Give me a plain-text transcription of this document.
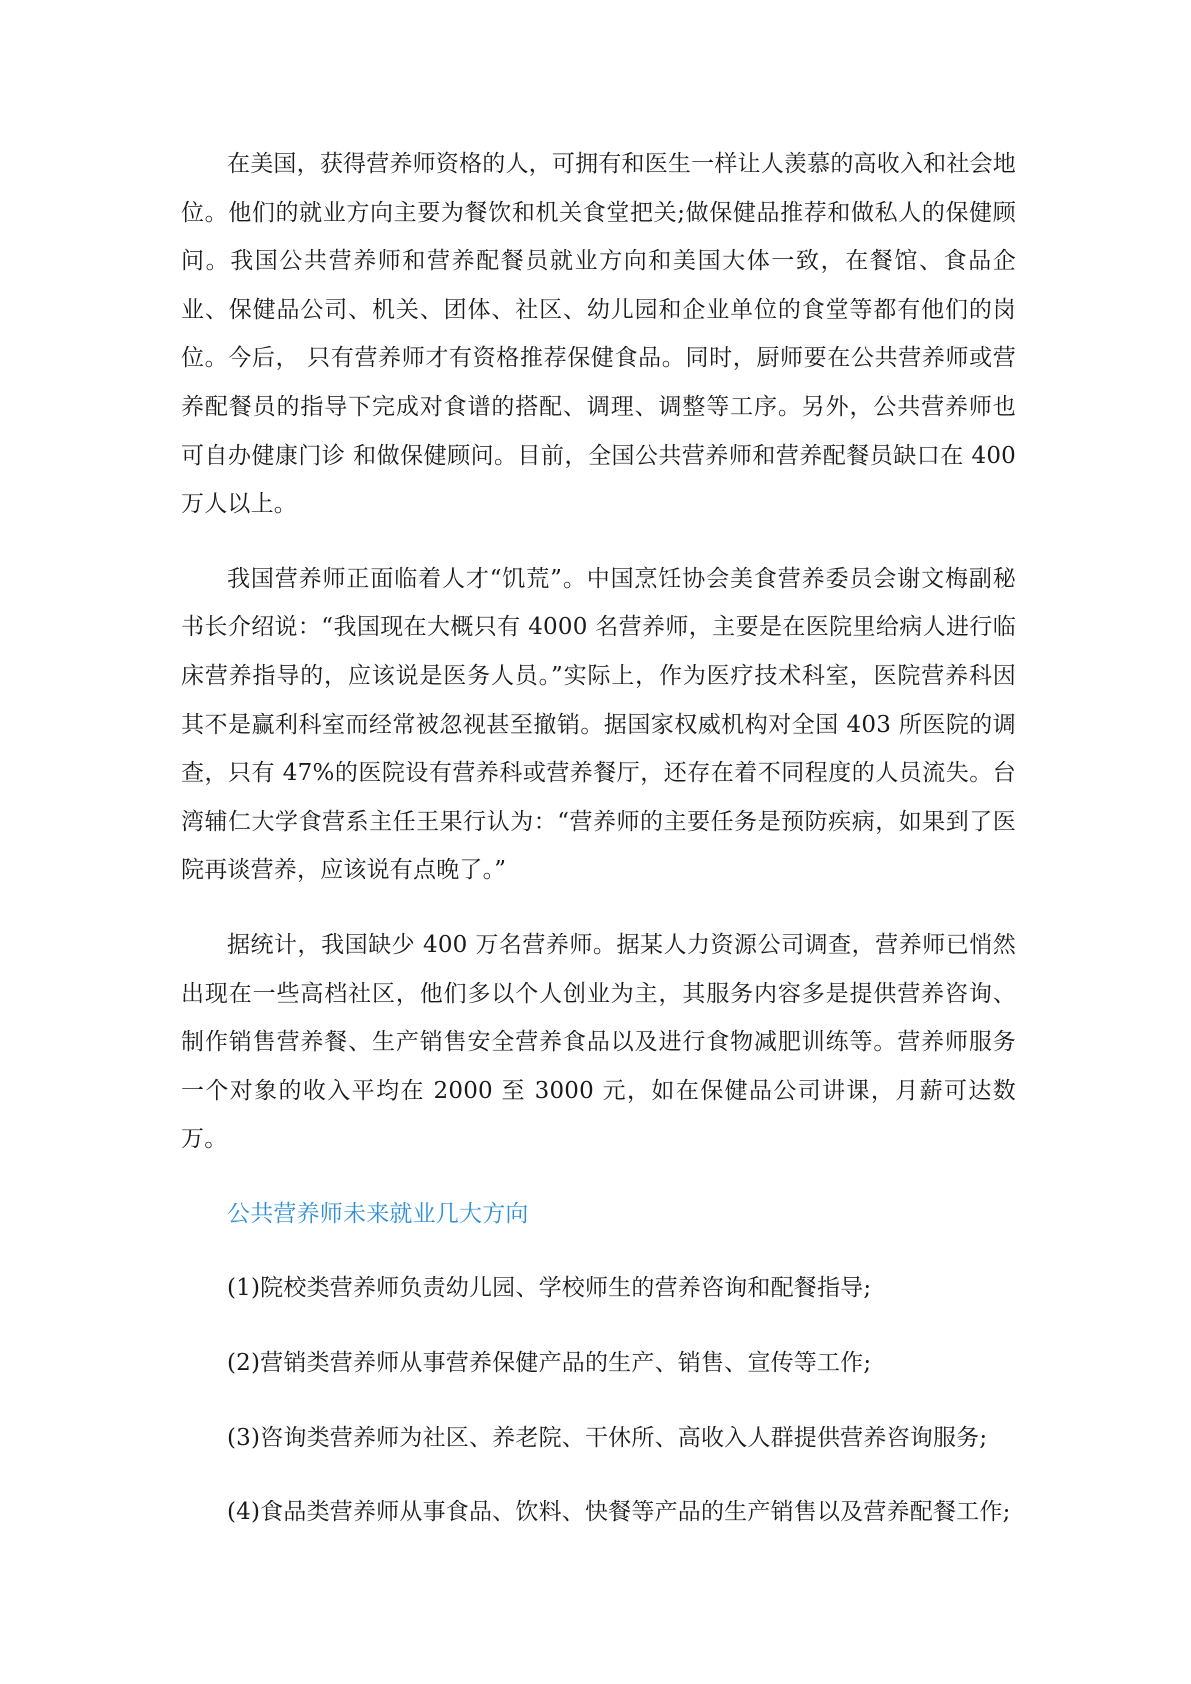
在美国，获得营养师资格的人，可拥有和医生一样让人羡慕的高收入和社会地位。他们的就业方向主要为餐饮和机关食堂把关;做保健品推荐和做私人的保健顾问。我国公共营养师和营养配餐员就业方向和美国大体一致，在餐馆、食品企业、保健品公司、机关、团体、社区、幼儿园和企业单位的食堂等都有他们的岗位。今后， 只有营养师才有资格推荐保健食品。同时，厨师要在公共营养师或营养配餐员的指导下完成对食谱的搭配、调理、调整等工序。另外，公共营养师也可自办健康门诊 和做保健顾问。目前，全国公共营养师和营养配餐员缺口在 400 万人以上。

我国营养师正面临着人才“饥荒”。中国烹饪协会美食营养委员会谢文梅副秘书长介绍说：“我国现在大概只有 4000 名营养师，主要是在医院里给病人进行临床营养指导的，应该说是医务人员。”实际上，作为医疗技术科室，医院营养科因其不是赢利科室而经常被忽视甚至撤销。据国家权威机构对全国 403 所医院的调查，只有 47%的医院设有营养科或营养餐厅，还存在着不同程度的人员流失。台湾辅仁大学食营系主任王果行认为：“营养师的主要任务是预防疾病，如果到了医院再谈营养，应该说有点晚了。”

据统计，我国缺少 400 万名营养师。据某人力资源公司调查，营养师已悄然出现在一些高档社区，他们多以个人创业为主，其服务内容多是提供营养咨询、制作销售营养餐、生产销售安全营养食品以及进行食物减肥训练等。营养师服务一个对象的收入平均在 2000 至 3000 元，如在保健品公司讲课，月薪可达数万。

公共营养师未来就业几大方向

(1)院校类营养师负责幼儿园、学校师生的营养咨询和配餐指导;

(2)营销类营养师从事营养保健产品的生产、销售、宣传等工作;

(3)咨询类营养师为社区、养老院、干休所、高收入人群提供营养咨询服务;

(4)食品类营养师从事食品、饮料、快餐等产品的生产销售以及营养配餐工作;
